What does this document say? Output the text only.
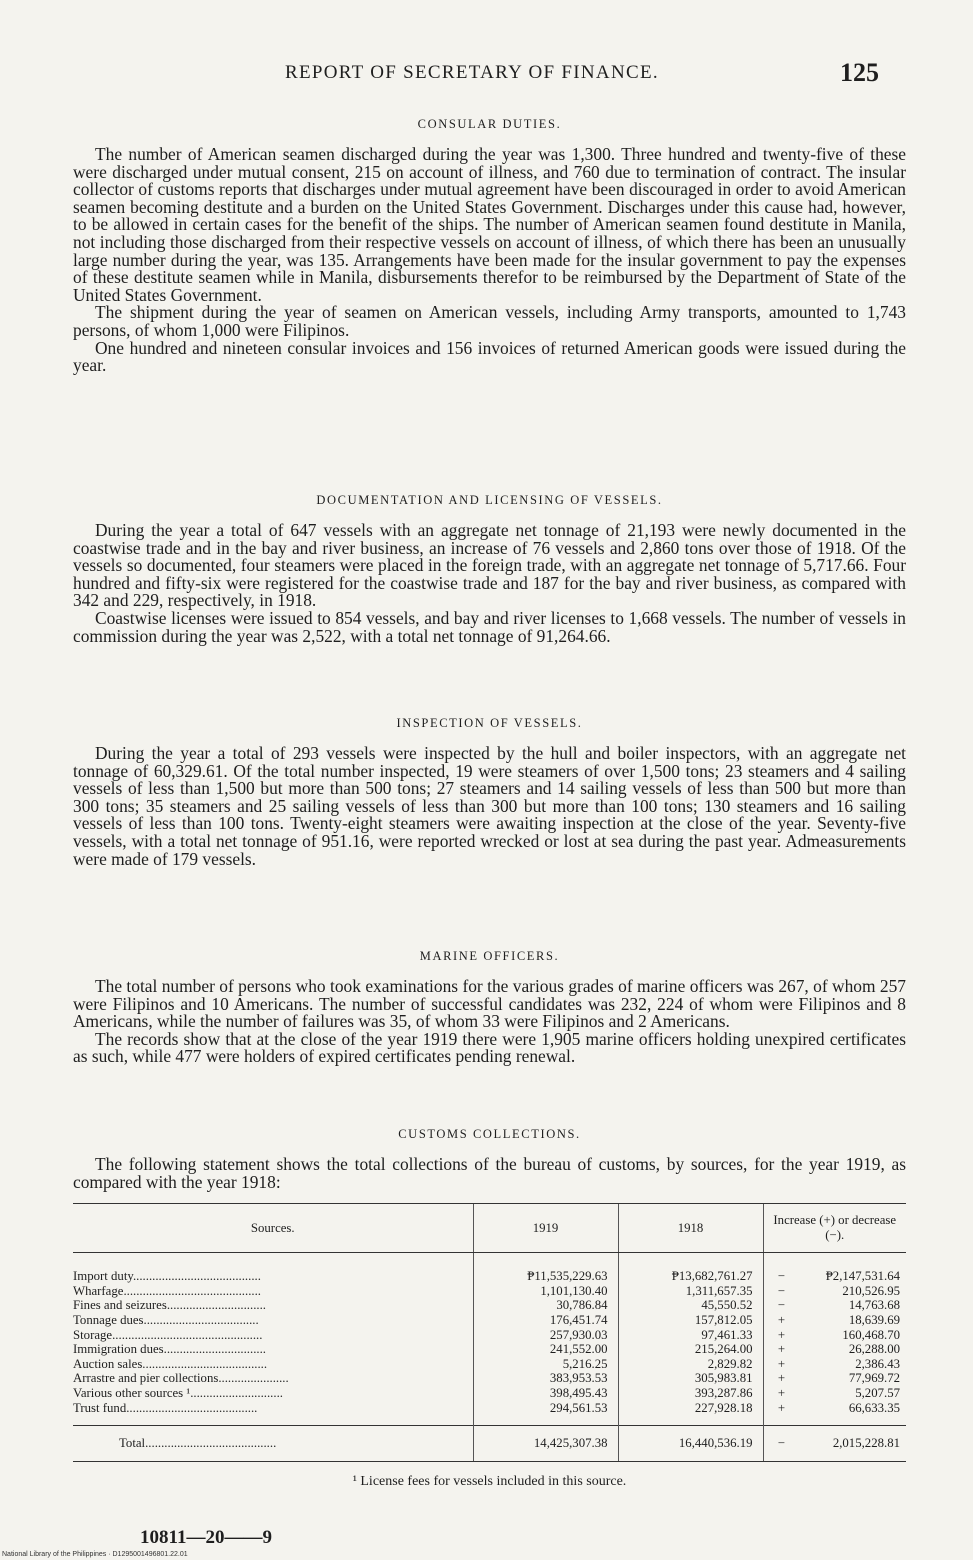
REPORT OF SECRETARY OF FINANCE.	125
CONSULAR DUTIES.

The number of American seamen discharged during the year was 1,300. Three hundred and twenty-five of these were discharged under mutual consent, 215 on account of illness, and 760 due to termination of contract. The insular collector of customs reports that discharges under mutual agreement have been discouraged in order to avoid American seamen becoming destitute and a burden on the United States Government. Discharges under this cause had, however, to be allowed in certain cases for the benefit of the ships. The number of American seamen found destitute in Manila, not including those discharged from their respective vessels on account of illness, of which there has been an unusually large number during the year, was 135. Arrangements have been made for the insular government to pay the expenses of these destitute seamen while in Manila, disbursements therefor to be reimbursed by the Department of State of the United States Government.

The shipment during the year of seamen on American vessels, including Army transports, amounted to 1,743 persons, of whom 1,000 were Filipinos.

One hundred and nineteen consular invoices and 156 invoices of returned American goods were issued during the year.

DOCUMENTATION AND LICENSING OF VESSELS.

During the year a total of 647 vessels with an aggregate net tonnage of 21,193 were newly documented in the coastwise trade and in the bay and river business, an increase of 76 vessels and 2,860 tons over those of 1918. Of the vessels so documented, four steamers were placed in the foreign trade, with an aggregate net tonnage of 5,717.66. Four hundred and fifty-six were registered for the coastwise trade and 187 for the bay and river business, as compared with 342 and 229, respectively, in 1918.

Coastwise licenses were issued to 854 vessels, and bay and river licenses to 1,668 vessels. The number of vessels in commission during the year was 2,522, with a total net tonnage of 91,264.66.

INSPECTION OF VESSELS.

During the year a total of 293 vessels were inspected by the hull and boiler inspectors, with an aggregate net tonnage of 60,329.61. Of the total number inspected, 19 were steamers of over 1,500 tons; 23 steamers and 4 sailing vessels of less than 1,500 but more than 500 tons; 27 steamers and 14 sailing vessels of less than 500 but more than 300 tons; 35 steamers and 25 sailing vessels of less than 300 but more than 100 tons; 130 steamers and 16 sailing vessels of less than 100 tons. Twenty-eight steamers were awaiting inspection at the close of the year. Seventy-five vessels, with a total net tonnage of 951.16, were reported wrecked or lost at sea during the past year. Admeasurements were made of 179 vessels.

MARINE OFFICERS.

The total number of persons who took examinations for the various grades of marine officers was 267, of whom 257 were Filipinos and 10 Americans. The number of successful candidates was 232, 224 of whom were Filipinos and 8 Americans, while the number of failures was 35, of whom 33 were Filipinos and 2 Americans.

The records show that at the close of the year 1919 there were 1,905 marine officers holding unexpired certificates as such, while 477 were holders of expired certificates pending renewal.

CUSTOMS COLLECTIONS.

The following statement shows the total collections of the bureau of customs, by sources, for the year 1919, as compared with the year 1918:

Sources.	1919	1918	Increase (+) or decrease (−).
Import duty........................................	₱11,535,229.63	₱13,682,761.27	− ₱2,147,531.64

Wharfage...........................................	1,101,130.40	1,311,657.35	− 210,526.95

Fines and seizures...............................	30,786.84	45,550.52	− 14,763.68

Tonnage dues....................................	176,451.74	157,812.05	+ 18,639.69

Storage...............................................	257,930.03	97,461.33	+ 160,468.70

Immigration dues................................	241,552.00	215,264.00	+ 26,288.00

Auction sales.......................................	5,216.25	2,829.82	+ 2,386.43

Arrastre and pier collections......................	383,953.53	305,983.81	+ 77,969.72

Various other sources ¹.............................	398,495.43	393,287.86	+ 5,207.57

Trust fund.........................................	294,561.53	227,928.18	+ 66,633.35

Total.........................................	14,425,307.38	16,440,536.19	− 2,015,228.81
¹ License fees for vessels included in this source.
10811—20——9
National Library of the Philippines · D1295001496801.22.01
